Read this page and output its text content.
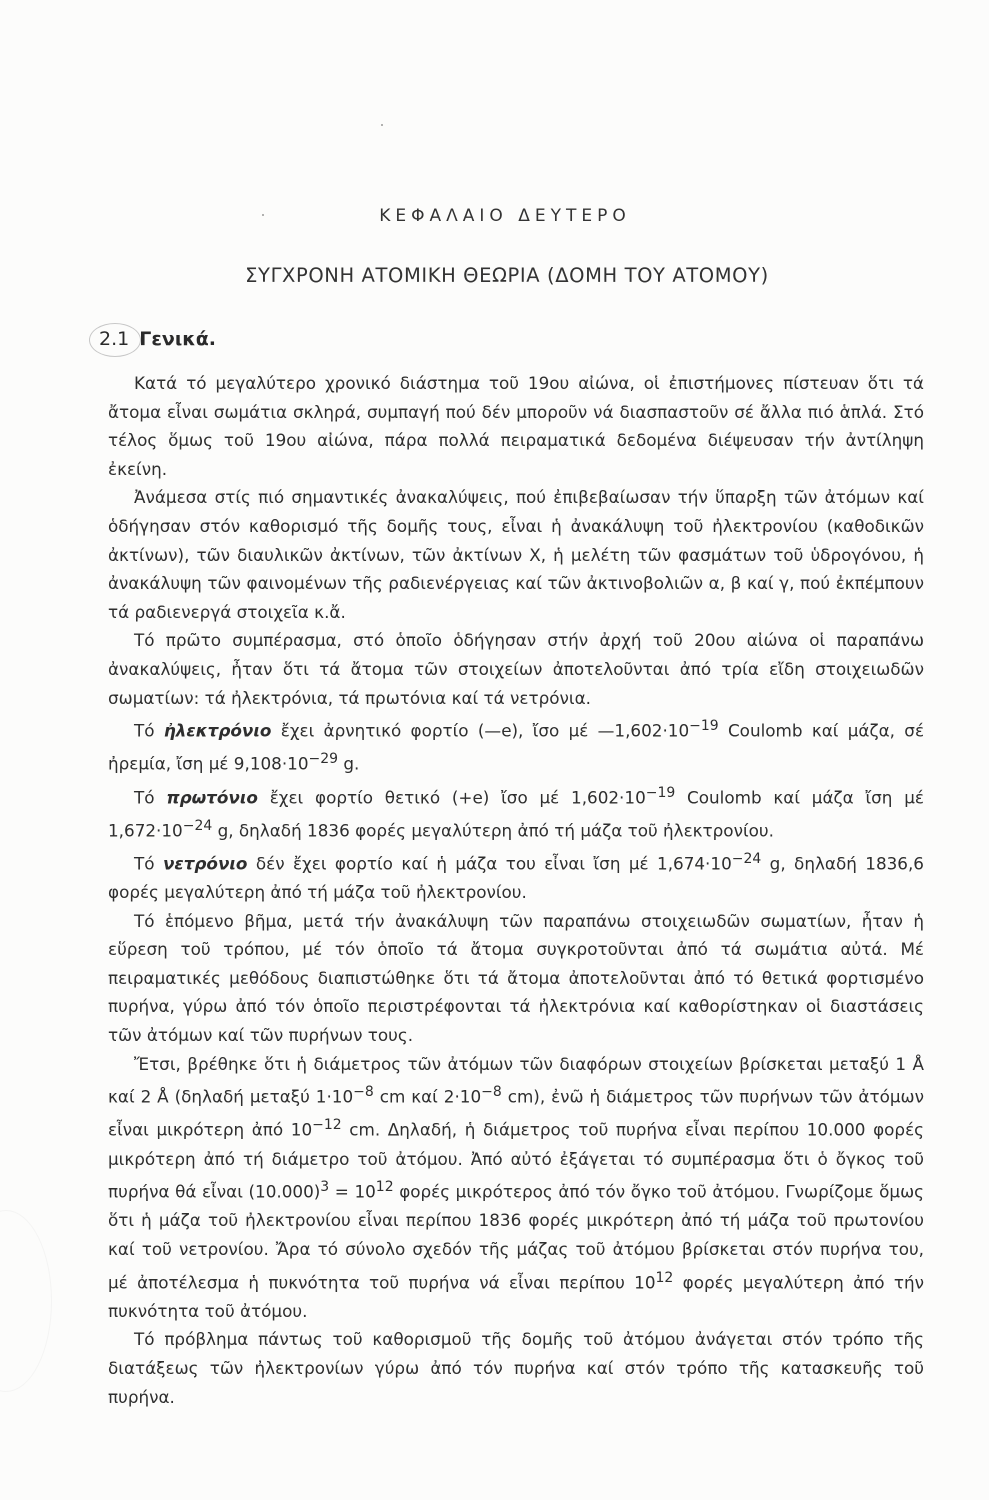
ΚΕΦΑΛΑΙΟ ΔΕΥΤΕΡΟ
ΣΥΓΧΡΟΝΗ ΑΤΟΜΙΚΗ ΘΕΩΡΙΑ (ΔΟΜΗ ΤΟΥ ΑΤΟΜΟΥ)
2.1 Γενικά.

Κατά τό μεγαλύτερο χρονικό διάστημα τοῦ 19ου αἰώνα, οἱ ἐπιστήμονες πίστευαν ὅτι τά ἄτομα εἶναι σωμάτια σκληρά, συμπαγή πού δέν μποροῦν νά διασπαστοῦν σέ ἄλλα πιό ἁπλά. Στό τέλος ὅμως τοῦ 19ου αἰώνα, πάρα πολλά πειραματικά δεδομένα διέψευσαν τήν ἀντίληψη ἐκείνη.

Ἀνάμεσα στίς πιό σημαντικές ἀνακαλύψεις, πού ἐπιβεβαίωσαν τήν ὕπαρξη τῶν ἀτόμων καί ὁδήγησαν στόν καθορισμό τῆς δομῆς τους, εἶναι ἡ ἀνακάλυψη τοῦ ἠλεκτρονίου (καθοδικῶν ἀκτίνων), τῶν διαυλικῶν ἀκτίνων, τῶν ἀκτίνων Χ, ἡ μελέτη τῶν φασμάτων τοῦ ὑδρογόνου, ἡ ἀνακάλυψη τῶν φαινομένων τῆς ραδιενέργειας καί τῶν ἀκτινοβολιῶν α, β καί γ, πού ἐκπέμπουν τά ραδιενεργά στοιχεῖα κ.ἄ.

Τό πρῶτο συμπέρασμα, στό ὁποῖο ὁδήγησαν στήν ἀρχή τοῦ 20ου αἰώνα οἱ παραπάνω ἀνακαλύψεις, ἦταν ὅτι τά ἄτομα τῶν στοιχείων ἀποτελοῦνται ἀπό τρία εἴδη στοιχειωδῶν σωματίων: τά ἠλεκτρόνια, τά πρωτόνια καί τά νετρόνια.

Τό ἠλεκτρόνιο ἔχει ἀρνητικό φορτίο (—e), ἴσο μέ $—1,602\cdot 10^{-19}$ Coulomb καί μάζα, σέ ἠρεμία, ἴση μέ $9,108\cdot 10^{-29}$ g.

Τό πρωτόνιο ἔχει φορτίο θετικό (+e) ἴσο μέ $1,602\cdot 10^{-19}$ Coulomb καί μάζα ἴση μέ $1,672\cdot 10^{-24}$ g, δηλαδή 1836 φορές μεγαλύτερη ἀπό τή μάζα τοῦ ἠλεκτρονίου.

Τό νετρόνιο δέν ἔχει φορτίο καί ἡ μάζα του εἶναι ἴση μέ $1,674\cdot 10^{-24}$ g, δηλαδή 1836,6 φορές μεγαλύτερη ἀπό τή μάζα τοῦ ἠλεκτρονίου.

Τό ἑπόμενο βῆμα, μετά τήν ἀνακάλυψη τῶν παραπάνω στοιχειωδῶν σωματίων, ἦταν ἡ εὕρεση τοῦ τρόπου, μέ τόν ὁποῖο τά ἄτομα συγκροτοῦνται ἀπό τά σωμάτια αὐτά. Μέ πειραματικές μεθόδους διαπιστώθηκε ὅτι τά ἄτομα ἀποτελοῦνται ἀπό τό θετικά φορτισμένο πυρήνα, γύρω ἀπό τόν ὁποῖο περιστρέφονται τά ἠλεκτρόνια καί καθορίστηκαν οἱ διαστάσεις τῶν ἀτόμων καί τῶν πυρήνων τους.

Ἔτσι, βρέθηκε ὅτι ἡ διάμετρος τῶν ἀτόμων τῶν διαφόρων στοιχείων βρίσκεται μεταξύ 1 Å καί 2 Å (δηλαδή μεταξύ $1\cdot 10^{-8}$ cm καί $2\cdot 10^{-8}$ cm), ἐνῶ ἡ διάμετρος τῶν πυρήνων τῶν ἀτόμων εἶναι μικρότερη ἀπό $10^{-12}$ cm. Δηλαδή, ἡ διάμετρος τοῦ πυρήνα εἶναι περίπου 10.000 φορές μικρότερη ἀπό τή διάμετρο τοῦ ἀτόμου. Ἀπό αὐτό ἐξάγεται τό συμπέρασμα ὅτι ὁ ὄγκος τοῦ πυρήνα θά εἶναι $(10.000)^3 = 10^{12}$ φορές μικρότερος ἀπό τόν ὄγκο τοῦ ἀτόμου. Γνωρίζομε ὅμως ὅτι ἡ μάζα τοῦ ἠλεκτρονίου εἶναι περίπου 1836 φορές μικρότερη ἀπό τή μάζα τοῦ πρωτονίου καί τοῦ νετρονίου. Ἄρα τό σύνολο σχεδόν τῆς μάζας τοῦ ἀτόμου βρίσκεται στόν πυρήνα του, μέ ἀποτέλεσμα ἡ πυκνότητα τοῦ πυρήνα νά εἶναι περίπου $10^{12}$ φορές μεγαλύτερη ἀπό τήν πυκνότητα τοῦ ἀτόμου.

Τό πρόβλημα πάντως τοῦ καθορισμοῦ τῆς δομῆς τοῦ ἀτόμου ἀνάγεται στόν τρόπο τῆς διατάξεως τῶν ἠλεκτρονίων γύρω ἀπό τόν πυρήνα καί στόν τρόπο τῆς κατασκευῆς τοῦ πυρήνα.
